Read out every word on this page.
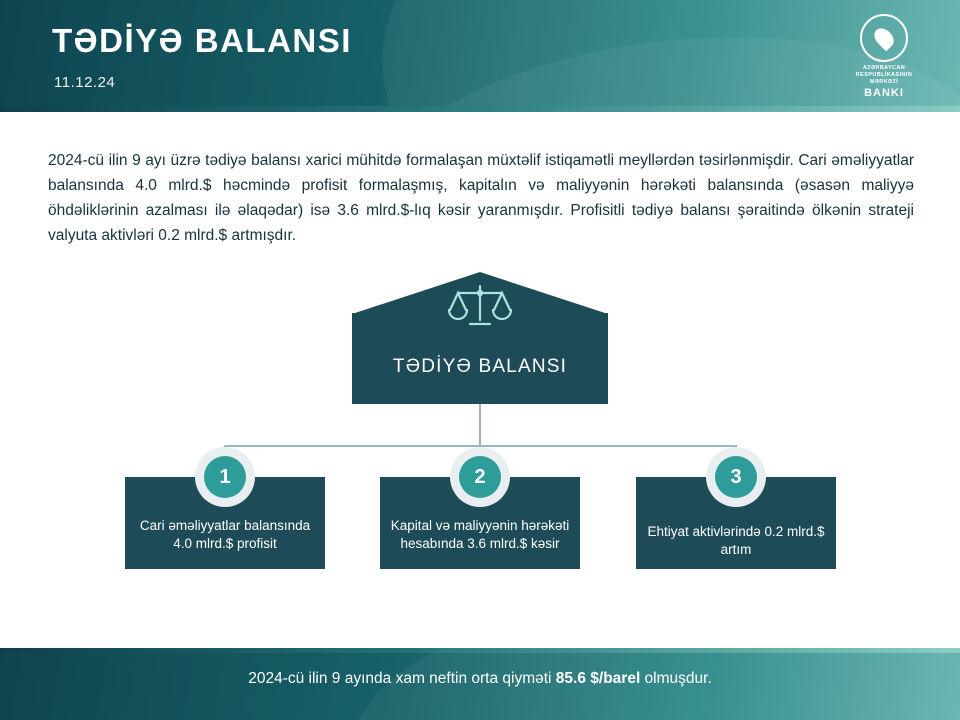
TƏDİYƏ BALANSI
11.12.24
AZƏRBAYCAN
RESPUBLİKASININ
MƏRKƏZİ
BANKI
2024-cü ilin 9 ayı üzrə tədiyə balansı xarici mühitdə formalaşan müxtəlif istiqamətli meyllərdən təsirlənmişdir. Cari əməliyyatlar balansında 4.0 mlrd.$ həcmində profisit formalaşmış, kapitalın və maliyyənin hərəkəti balansında (əsasən maliyyə öhdəliklərinin azalması ilə əlaqədar) isə 3.6 mlrd.$-lıq kəsir yaranmışdır. Profisitli tədiyə balansı şəraitində ölkənin strateji valyuta aktivləri 0.2 mlrd.$ artmışdır.
TƏDİYƏ BALANSI
1
Cari əməliyyatlar balansında 4.0 mlrd.$ profisit
2
Kapital və maliyyənin hərəkəti hesabında 3.6 mlrd.$ kəsir
3
Ehtiyat aktivlərində 0.2 mlrd.$ artım
2024-cü ilin 9 ayında xam neftin orta qiyməti 85.6 $/barel olmuşdur.
